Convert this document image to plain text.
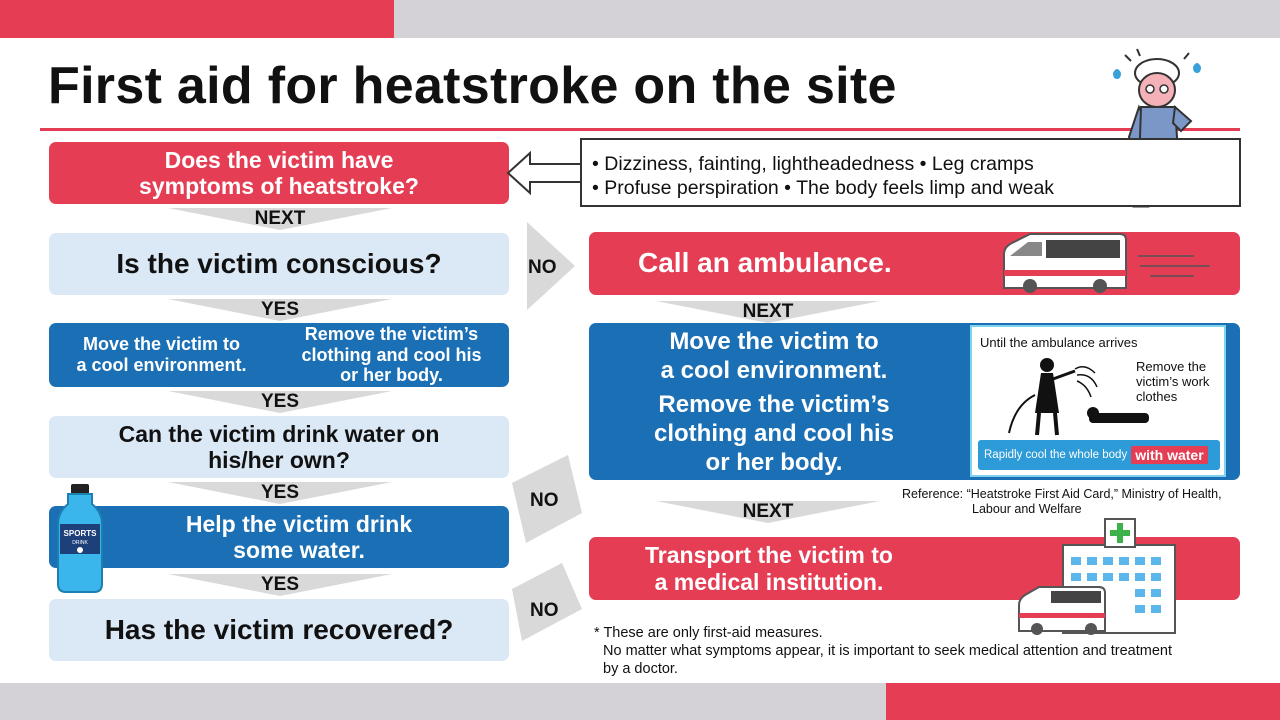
First aid for heatstroke on the site
Does the victim have
symptoms of heatstroke?
• Dizziness, fainting, lightheadedness • Leg cramps
• Profuse perspiration • The body feels limp and weak
NEXT
Is the victim conscious?
YES
Move the victim to
a cool environment.
Remove the victim’s
clothing and cool his
or her body.
YES
Can the victim drink water on
his/her own?
YES
Help the victim drink
some water.
SPORTS
DRINK
YES
Has the victim recovered?
NO
NO
NO
Call an ambulance.
NEXT
Move the victim to
a cool environment.
Remove the victim’s
clothing and cool his
or her body.
Until the ambulance arrives
Remove the
victim’s work
clothes
Rapidly cool the whole body with water
Reference: “Heatstroke First Aid Card,” Ministry of Health,
Labour and Welfare
NEXT
Transport the victim to
a medical institution.
* These are only first-aid measures.
No matter what symptoms appear, it is important to seek medical attention and treatment
by a doctor.
